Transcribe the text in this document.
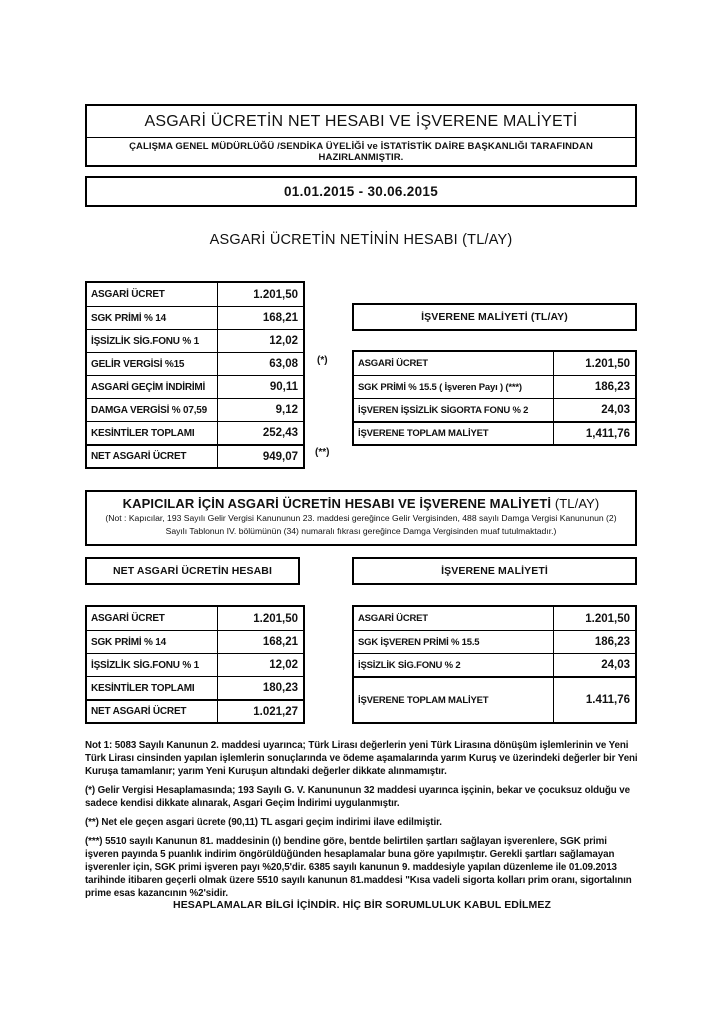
ASGARİ ÜCRETİN NET HESABI VE İŞVERENE MALİYETİ
ÇALIŞMA GENEL MÜDÜRLÜĞÜ /SENDİKA ÜYELİĞİ ve İSTATİSTİK DAİRE BAŞKANLIĞI TARAFINDAN HAZIRLANMIŞTIR.
01.01.2015 - 30.06.2015
ASGARİ ÜCRETİN NETİNİN HESABI (TL/AY)
ASGARİ ÜCRET	1.201,50
SGK PRİMİ % 14	168,21
İŞSİZLİK SİG.FONU % 1	12,02
GELİR VERGİSİ %15	63,08
ASGARİ GEÇİM İNDİRİMİ	90,11
DAMGA VERGİSİ % 07,59	9,12
KESİNTİLER TOPLAMI	252,43
NET ASGARİ ÜCRET	949,07
(*)
(**)
İŞVERENE MALİYETİ (TL/AY)
ASGARİ ÜCRET	1.201,50
SGK PRİMİ % 15.5 ( İşveren Payı ) (***)	186,23
İŞVEREN İŞSİZLİK SİGORTA FONU % 2	24,03
İŞVERENE TOPLAM MALİYET	1,411,76
KAPICILAR İÇİN ASGARİ ÜCRETİN HESABI VE İŞVERENE MALİYETİ (TL/AY)
(Not : Kapıcılar, 193 Sayılı Gelir Vergisi Kanununun 23. maddesi gereğince Gelir Vergisinden, 488 sayılı Damga Vergisi Kanununun (2)
Sayılı Tablonun IV. bölümünün (34) numaralı fıkrası gereğince Damga Vergisinden muaf tutulmaktadır.)
NET ASGARİ ÜCRETİN HESABI	İŞVERENE MALİYETİ
ASGARİ ÜCRET	1.201,50
SGK PRİMİ % 14	168,21
İŞSİZLİK SİG.FONU % 1	12,02
KESİNTİLER TOPLAMI	180,23
NET ASGARİ ÜCRET	1.021,27
ASGARİ ÜCRET	1.201,50
SGK İŞVEREN PRİMİ % 15.5	186,23
İŞSİZLİK SİG.FONU % 2	24,03
İŞVERENE TOPLAM MALİYET	1.411,76

Not 1: 5083 Sayılı Kanunun 2. maddesi uyarınca; Türk Lirası değerlerin yeni Türk Lirasına dönüşüm işlemlerinin ve Yeni Türk Lirası cinsinden yapılan işlemlerin sonuçlarında ve ödeme aşamalarında yarım Kuruş ve üzerindeki değerler bir Yeni Kuruşa tamamlanır; yarım Yeni Kuruşun altındaki değerler dikkate alınmamıştır.

(*) Gelir Vergisi Hesaplamasında; 193 Sayılı G. V. Kanununun 32 maddesi uyarınca işçinin, bekar ve çocuksuz olduğu ve sadece kendisi dikkate alınarak, Asgari Geçim İndirimi uygulanmıştır.

(**) Net ele geçen asgari ücrete (90,11) TL asgari geçim indirimi ilave edilmiştir.

(***) 5510 sayılı Kanunun 81. maddesinin (ı) bendine göre, bentde belirtilen şartları sağlayan işverenlere, SGK primi işveren payında 5 puanlık indirim öngörüldüğünden hesaplamalar buna göre yapılmıştır. Gerekli şartları sağlamayan işverenler için, SGK primi işveren payı %20,5'dir. 6385 sayılı kanunun 9. maddesiyle yapılan düzenleme ile 01.09.2013 tarihinde itibaren geçerli olmak üzere 5510 sayılı kanunun 81.maddesi "Kısa vadeli sigorta kolları prim oranı, sigortalının prime esas kazancının %2'sidir.

HESAPLAMALAR BİLGİ İÇİNDİR. HİÇ BİR SORUMLULUK KABUL EDİLMEZ
